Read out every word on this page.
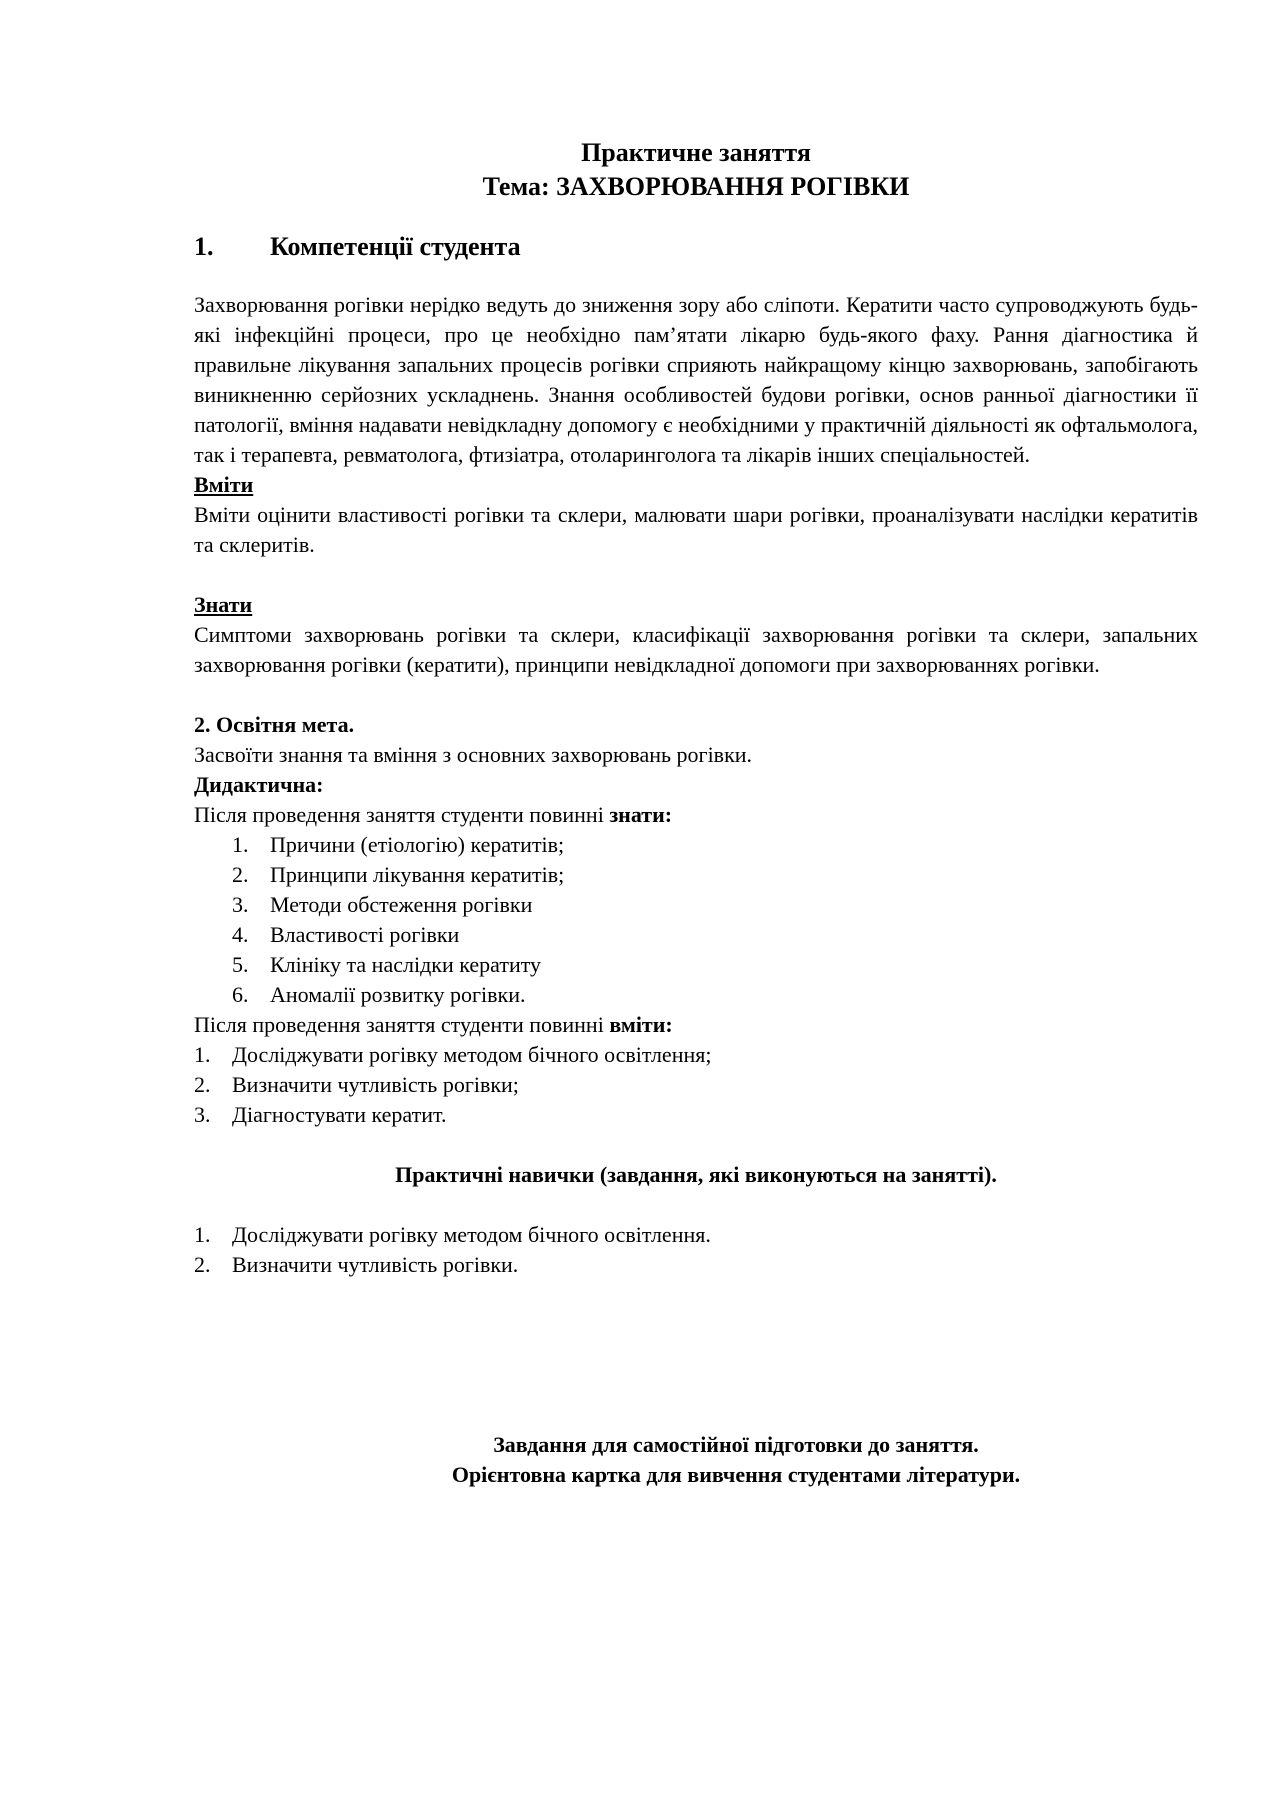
Практичне заняття

Тема: ЗАХВОРЮВАННЯ РОГІВКИ

1.	Компетенції студента

Захворювання рогівки нерідко ведуть до зниження зору або сліпоти. Кератити часто супроводжують будь-які інфекційні процеси, про це необхідно пам’ятати лікарю будь-якого фаху. Рання діагностика й правильне лікування запальних процесів рогівки сприяють найкращому кінцю захворювань, запобігають виникненню серйозних ускладнень. Знання особливостей будови рогівки, основ ранньої діагностики її патології, вміння надавати невідкладну допомогу є необхідними у практичній діяльності як офтальмолога, так і терапевта, ревматолога, фтизіатра, отоларинголога та лікарів інших спеціальностей.

Вміти

Вміти оцінити властивості рогівки та склери, малювати шари рогівки, проаналізувати наслідки кератитів та склеритів.

Знати

Симптоми захворювань рогівки та склери, класифікації захворювання рогівки та склери, запальних захворювання рогівки (кератити), принципи невідкладної допомоги при захворюваннях рогівки.

2. Освітня мета.

Засвоїти знання та вміння з основних захворювань рогівки.

Дидактична:

Після проведення заняття студенти повинні знати:

1. Причини (етіологію) кератитів;
2. Принципи лікування кератитів;
3. Методи обстеження рогівки
4. Властивості рогівки
5. Клініку та наслідки кератиту
6. Аномалії розвитку рогівки.

Після проведення заняття студенти повинні вміти:

1. Досліджувати рогівку методом бічного освітлення;
2. Визначити чутливість рогівки;
3. Діагностувати кератит.

Практичні навички (завдання, які виконуються на занятті).

1. Досліджувати рогівку методом бічного освітлення.
2. Визначити чутливість рогівки.

Завдання для самостійної підготовки до заняття.

Орієнтовна картка для вивчення студентами літератури.
